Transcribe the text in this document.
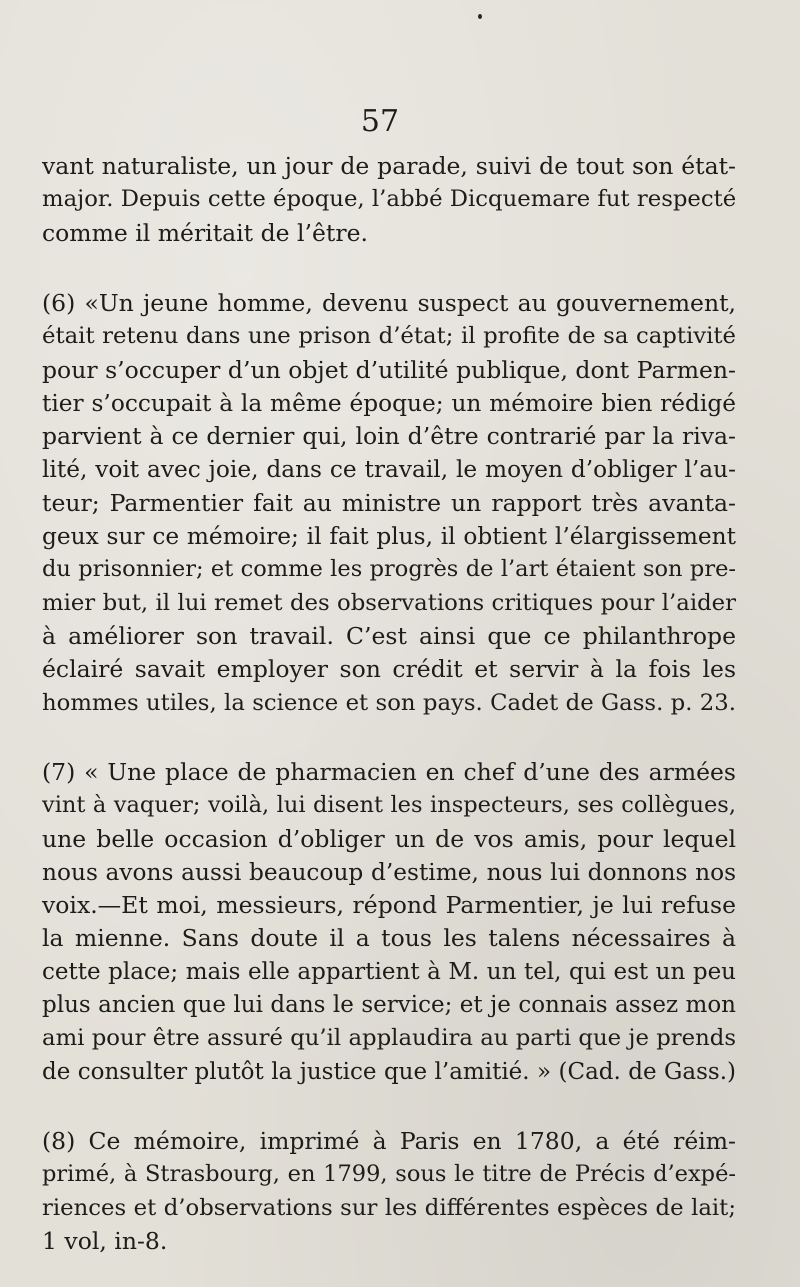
57
vant naturaliste, un jour de parade, suivi de tout son état-
major. Depuis cette époque, l’abbé Dicquemare fut respecté
comme il méritait de l’être.
(6) «Un jeune homme, devenu suspect au gouvernement,
était retenu dans une prison d’état; il profite de sa captivité
pour s’occuper d’un objet d’utilité publique, dont Parmen-
tier s’occupait à la même époque; un mémoire bien rédigé
parvient à ce dernier qui, loin d’être contrarié par la riva-
lité, voit avec joie, dans ce travail, le moyen d’obliger l’au-
teur; Parmentier fait au ministre un rapport très avanta-
geux sur ce mémoire; il fait plus, il obtient l’élargissement
du prisonnier; et comme les progrès de l’art étaient son pre-
mier but, il lui remet des observations critiques pour l’aider
à améliorer son travail. C’est ainsi que ce philanthrope
éclairé savait employer son crédit et servir à la fois les
hommes utiles, la science et son pays. Cadet de Gass. p. 23.
(7) « Une place de pharmacien en chef d’une des armées
vint à vaquer; voilà, lui disent les inspecteurs, ses collègues,
une belle occasion d’obliger un de vos amis, pour lequel
nous avons aussi beaucoup d’estime, nous lui donnons nos
voix.—Et moi, messieurs, répond Parmentier, je lui refuse
la mienne. Sans doute il a tous les talens nécessaires à
cette place; mais elle appartient à M. un tel, qui est un peu
plus ancien que lui dans le service; et je connais assez mon
ami pour être assuré qu’il applaudira au parti que je prends
de consulter plutôt la justice que l’amitié. » (Cad. de Gass.)
(8) Ce mémoire, imprimé à Paris en 1780, a été réim-
primé, à Strasbourg, en 1799, sous le titre de Précis d’expé-
riences et d’observations sur les différentes espèces de lait;
1 vol, in-8.
